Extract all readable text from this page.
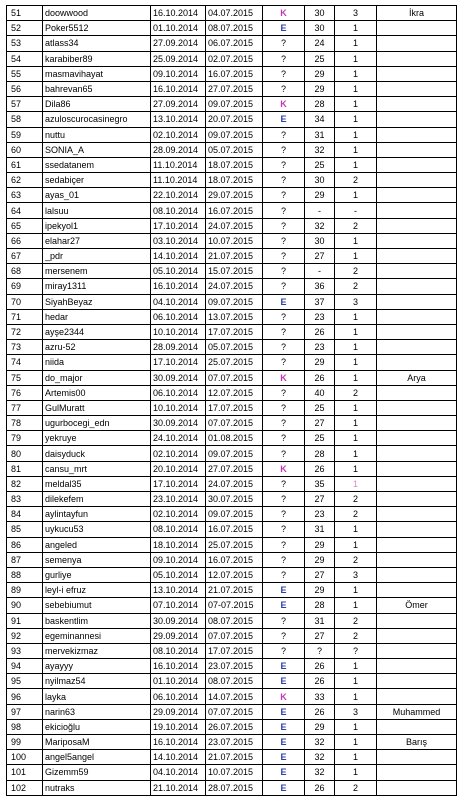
51	doowwood	16.10.2014	04.07.2015	K	30	3	İkra
52	Poker5512	01.10.2014	08.07.2015	E	30	1	
53	atlass34	27.09.2014	06.07.2015	?	24	1	
54	karabiber89	25.09.2014	02.07.2015	?	25	1	
55	masmavihayat	09.10.2014	16.07.2015	?	29	1	
56	bahrevan65	16.10.2014	27.07.2015	?	29	1	
57	Dila86	27.09.2014	09.07.2015	K	28	1	
58	azuloscurocasinegro	13.10.2014	20.07.2015	E	34	1	
59	nuttu	02.10.2014	09.07.2015	?	31	1	
60	SONIA_A	28.09.2014	05.07.2015	?	32	1	
61	ssedatanem	11.10.2014	18.07.2015	?	25	1	
62	sedabiçer	11.10.2014	18.07.2015	?	30	2	
63	ayas_01	22.10.2014	29.07.2015	?	29	1	
64	lalsuu	08.10.2014	16.07.2015	?	-	-	
65	ipekyol1	17.10.2014	24.07.2015	?	32	2	
66	elahar27	03.10.2014	10.07.2015	?	30	1	
67	_pdr	14.10.2014	21.07.2015	?	27	1	
68	mersenem	05.10.2014	15.07.2015	?	-	2	
69	miray1311	16.10.2014	24.07.2015	?	36	2	
70	SiyahBeyaz	04.10.2014	09.07.2015	E	37	3	
71	hedar	06.10.2014	13.07.2015	?	23	1	
72	ayşe2344	10.10.2014	17.07.2015	?	26	1	
73	azru-52	28.09.2014	05.07.2015	?	23	1	
74	niida	17.10.2014	25.07.2015	?	29	1	
75	do_major	30.09.2014	07.07.2015	K	26	1	Arya
76	Artemis00	06.10.2014	12.07.2015	?	40	2	
77	GulMuratt	10.10.2014	17.07.2015	?	25	1	
78	ugurbocegi_edn	30.09.2014	07.07.2015	?	27	1	
79	yekruye	24.10.2014	01.08.2015	?	25	1	
80	daisyduck	02.10.2014	09.07.2015	?	28	1	
81	cansu_mrt	20.10.2014	27.07.2015	K	26	1	
82	meldal35	17.10.2014	24.07.2015	?	35	1	
83	dilekefem	23.10.2014	30.07.2015	?	27	2	
84	aylintayfun	02.10.2014	09.07.2015	?	23	2	
85	uykucu53	08.10.2014	16.07.2015	?	31	1	
86	angeled	18.10.2014	25.07.2015	?	29	1	
87	semenya	09.10.2014	16.07.2015	?	29	2	
88	gurliye	05.10.2014	12.07.2015	?	27	3	
89	leyl-i efruz	13.10.2014	21.07.2015	E	29	1	
90	sebebiumut	07.10.2014	07-07.2015	E	28	1	Ömer
91	baskentlim	30.09.2014	08.07.2015	?	31	2	
92	egeminannesi	29.09.2014	07.07.2015	?	27	2	
93	mervekizmaz	08.10.2014	17.07.2015	?	?	?	
94	ayayyy	16.10.2014	23.07.2015	E	26	1	
95	nyilmaz54	01.10.2014	08.07.2015	E	26	1	
96	layka	06.10.2014	14.07.2015	K	33	1	
97	narin63	29.09.2014	07.07.2015	E	26	3	Muhammed
98	ekicioğlu	19.10.2014	26.07.2015	E	29	1	
99	MariposaM	16.10.2014	23.07.2015	E	32	1	Barış
100	angel5angel	14.10.2014	21.07.2015	E	32	1	
101	Gizemm59	04.10.2014	10.07.2015	E	32	1	
102	nutraks	21.10.2014	28.07.2015	E	26	2	
